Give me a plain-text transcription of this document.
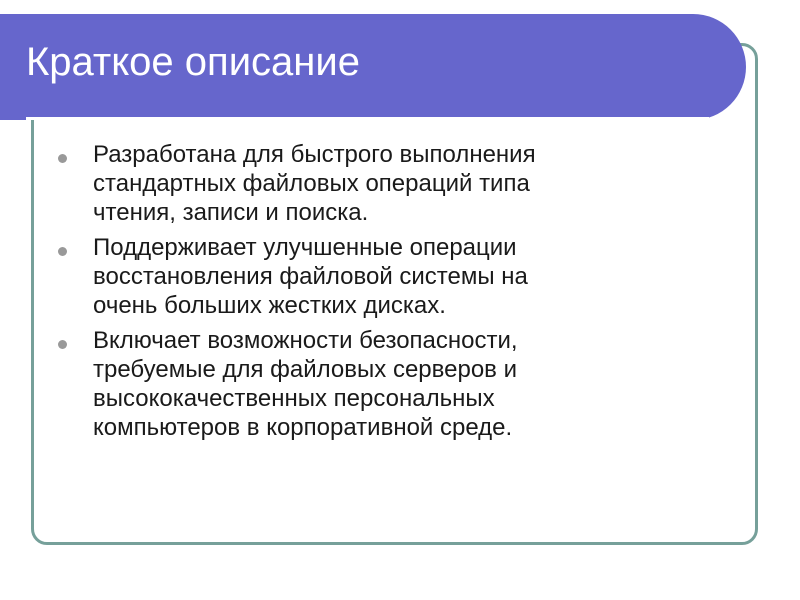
Краткое описание
Разработана для быстрого выполнения
стандартных файловых операций типа
чтения, записи и поиска.
Поддерживает улучшенные операции
восстановления файловой системы на
очень больших жестких дисках.
Включает возможности безопасности,
требуемые для файловых серверов и
высококачественных персональных
компьютеров в корпоративной среде.
